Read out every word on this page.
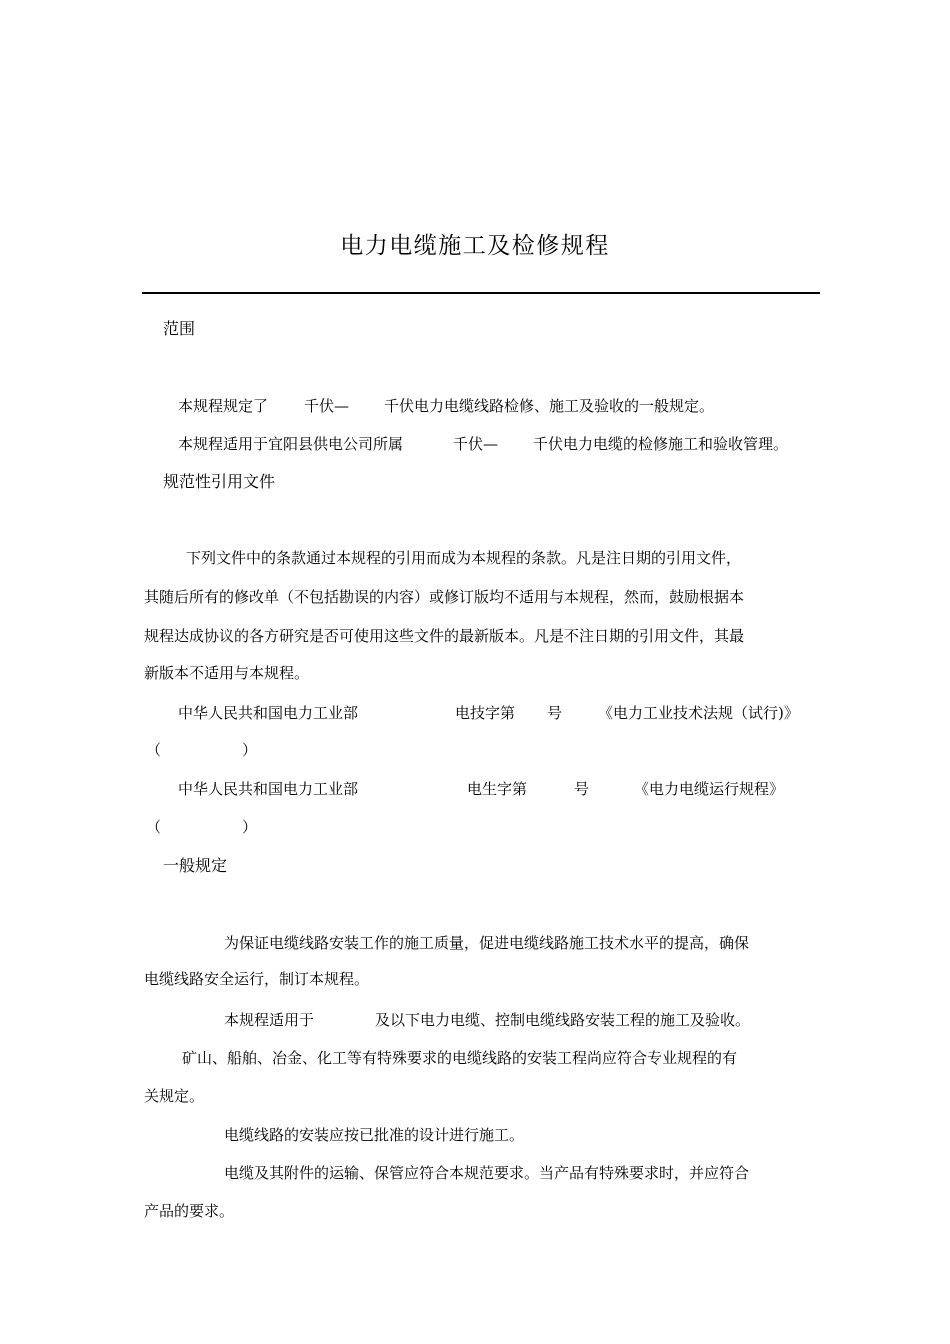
电力电缆施工及检修规程
范围
本规程规定了 千伏— 千伏电力电缆线路检修、施工及验收的一般规定。
本规程适用于宜阳县供电公司所属	千伏— 千伏电力电缆的检修施工和验收管理。
规范性引用文件
下列文件中的条款通过本规程的引用而成为本规程的条款。凡是注日期的引用文件，
其随后所有的修改单（不包括勘误的内容）或修订版均不适用与本规程，然而，鼓励根据本
规程达成协议的各方研究是否可使用这些文件的最新版本。凡是不注日期的引用文件，其最
新版本不适用与本规程。
中华人民共和国电力工业部	电技字第 号 《电力工业技术法规（试行)》
（	）
中华人民共和国电力工业部	电生字第	号	《电力电缆运行规程》
（	）
一般规定
为保证电缆线路安装工作的施工质量，促进电缆线路施工技术水平的提高，确保
电缆线路安全运行，制订本规程。
本规程适用于	及以下电力电缆、控制电缆线路安装工程的施工及验收。
矿山、船舶、冶金、化工等有特殊要求的电缆线路的安装工程尚应符合专业规程的有
关规定。
电缆线路的安装应按已批准的设计进行施工。
电缆及其附件的运输、保管应符合本规范要求。当产品有特殊要求时，并应符合
产品的要求。
